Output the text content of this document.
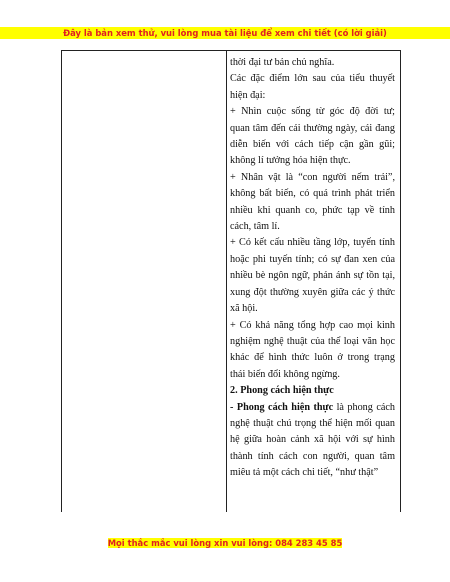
Đây là bản xem thử, vui lòng mua tài liệu để xem chi tiết (có lời giải)

thời đại tư bản chủ nghĩa.

Các đặc điểm lớn sau của tiểu thuyết hiện đại:

+ Nhìn cuộc sống từ góc độ đời tư; quan tâm đến cái thường ngày, cái đang diễn biến với cách tiếp cận gần gũi; không lí tưởng hóa hiện thực.

+ Nhân vật là “con người nếm trải”, không bất biến, có quá trình phát triển nhiều khi quanh co, phức tạp về tính cách, tâm lí.

+ Có kết cấu nhiều tầng lớp, tuyến tính hoặc phi tuyến tính; có sự đan xen của nhiều bè ngôn ngữ, phản ánh sự tồn tại, xung đột thường xuyên giữa các ý thức xã hội.

+ Có khả năng tổng hợp cao mọi kinh nghiệm nghệ thuật của thể loại văn học khác để hình thức luôn ở trong trạng thái biến đổi không ngừng.

2. Phong cách hiện thực

- Phong cách hiện thực là phong cách nghệ thuật chú trọng thể hiện mối quan hệ giữa hoàn cảnh xã hội với sự hình thành tính cách con người, quan tâm miêu tả một cách chi tiết, “như thật”

Mọi thắc mắc vui lòng xin vui lòng: 084 283 45 85
